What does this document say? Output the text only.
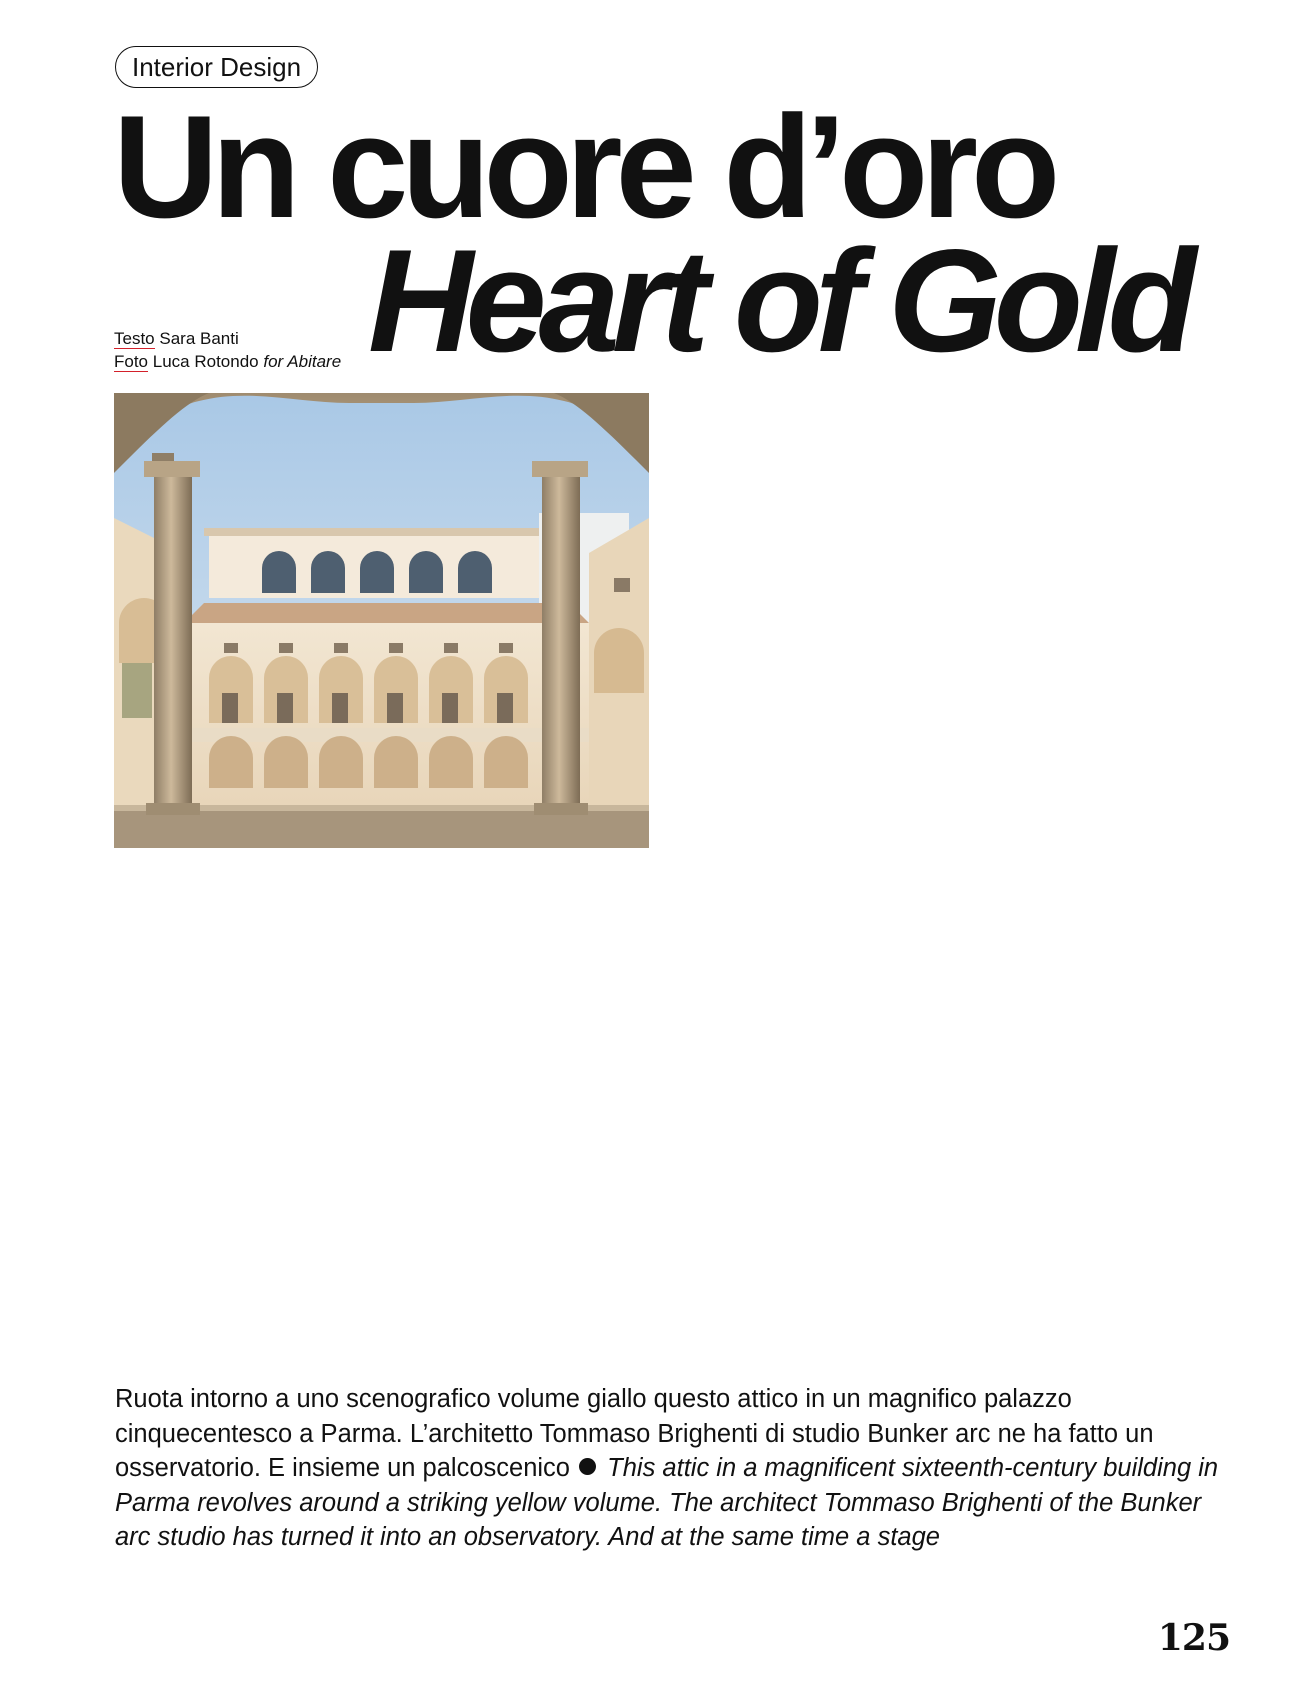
Interior Design
Un cuore d’oro
Heart of Gold
Testo Sara Banti
Foto Luca Rotondo for Abitare

Ruota intorno a uno scenografico volume giallo questo attico in un magnifico palazzo cinquecentesco a Parma. L’architetto Tommaso Brighenti di studio Bunker arc ne ha fatto un osservatorio. E insieme un palcoscenico This attic in a magnificent sixteenth-century building in Parma revolves around a striking yellow volume. The architect Tommaso Brighenti of the Bunker arc studio has turned it into an observatory. And at the same time a stage

125
